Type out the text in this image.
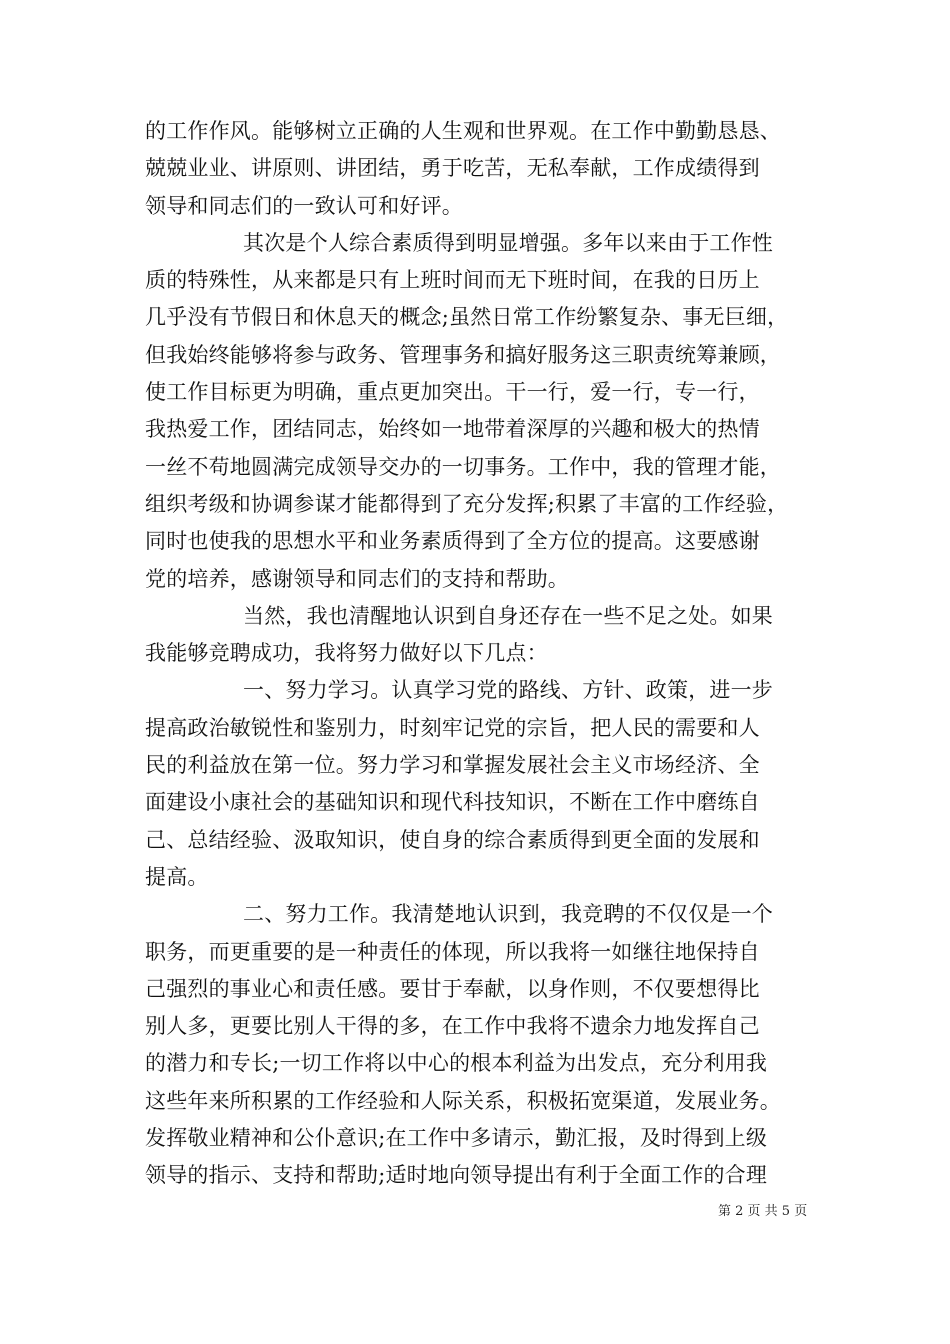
的工作作风。能够树立正确的人生观和世界观。在工作中勤勤恳恳、
兢兢业业、讲原则、讲团结，勇于吃苦，无私奉献，工作成绩得到
领导和同志们的一致认可和好评。
其次是个人综合素质得到明显增强。多年以来由于工作性
质的特殊性，从来都是只有上班时间而无下班时间，在我的日历上
几乎没有节假日和休息天的概念;虽然日常工作纷繁复杂、事无巨细，
但我始终能够将参与政务、管理事务和搞好服务这三职责统筹兼顾，
使工作目标更为明确，重点更加突出。干一行，爱一行，专一行，
我热爱工作，团结同志，始终如一地带着深厚的兴趣和极大的热情
一丝不苟地圆满完成领导交办的一切事务。工作中，我的管理才能，
组织考级和协调参谋才能都得到了充分发挥;积累了丰富的工作经验，
同时也使我的思想水平和业务素质得到了全方位的提高。这要感谢
党的培养，感谢领导和同志们的支持和帮助。
当然，我也清醒地认识到自身还存在一些不足之处。如果
我能够竞聘成功，我将努力做好以下几点：
一、努力学习。认真学习党的路线、方针、政策，进一步
提高政治敏锐性和鉴别力，时刻牢记党的宗旨，把人民的需要和人
民的利益放在第一位。努力学习和掌握发展社会主义市场经济、全
面建设小康社会的基础知识和现代科技知识，不断在工作中磨练自
己、总结经验、汲取知识，使自身的综合素质得到更全面的发展和
提高。
二、努力工作。我清楚地认识到，我竞聘的不仅仅是一个
职务，而更重要的是一种责任的体现，所以我将一如继往地保持自
己强烈的事业心和责任感。要甘于奉献，以身作则，不仅要想得比
别人多，更要比别人干得的多，在工作中我将不遗余力地发挥自己
的潜力和专长;一切工作将以中心的根本利益为出发点，充分利用我
这些年来所积累的工作经验和人际关系，积极拓宽渠道，发展业务。
发挥敬业精神和公仆意识;在工作中多请示，勤汇报，及时得到上级
领导的指示、支持和帮助;适时地向领导提出有利于全面工作的合理
第 2 页 共 5 页
